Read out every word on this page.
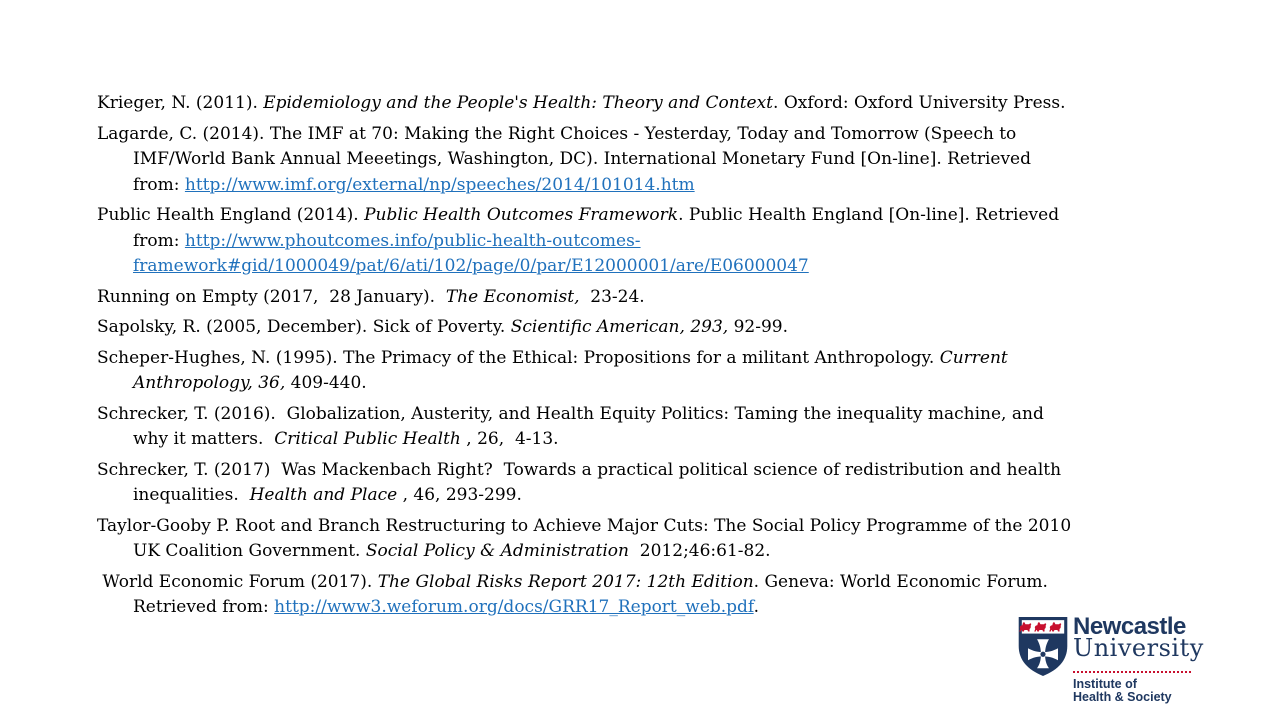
Krieger, N. (2011). Epidemiology and the People's Health: Theory and Context. Oxford: Oxford University Press.

Lagarde, C. (2014). The IMF at 70: Making the Right Choices - Yesterday, Today and Tomorrow (Speech to
IMF/World Bank Annual Meeetings, Washington, DC). International Monetary Fund [On-line]. Retrieved
from: http://www.imf.org/external/np/speeches/2014/101014.htm

Public Health England (2014). Public Health Outcomes Framework. Public Health England [On-line]. Retrieved
from: http://www.phoutcomes.info/public-health-outcomes-
framework#gid/1000049/pat/6/ati/102/page/0/par/E12000001/are/E06000047

Running on Empty (2017,  28 January).  The Economist,  23-24.

Sapolsky, R. (2005, December). Sick of Poverty. Scientific American, 293, 92-99.

Scheper-Hughes, N. (1995). The Primacy of the Ethical: Propositions for a militant Anthropology. Current
Anthropology, 36, 409-440.

Schrecker, T. (2016).  Globalization, Austerity, and Health Equity Politics: Taming the inequality machine, and
why it matters.  Critical Public Health , 26,  4-13.

Schrecker, T. (2017)  Was Mackenbach Right?  Towards a practical political science of redistribution and health
inequalities.  Health and Place , 46, 293-299.

Taylor-Gooby P. Root and Branch Restructuring to Achieve Major Cuts: The Social Policy Programme of the 2010
UK Coalition Government. Social Policy & Administration  2012;46:61-82.

World Economic Forum (2017). The Global Risks Report 2017: 12th Edition. Geneva: World Economic Forum.
Retrieved from: http://www3.weforum.org/docs/GRR17_Report_web.pdf.

Newcastle
University
Institute of
Health & Society
